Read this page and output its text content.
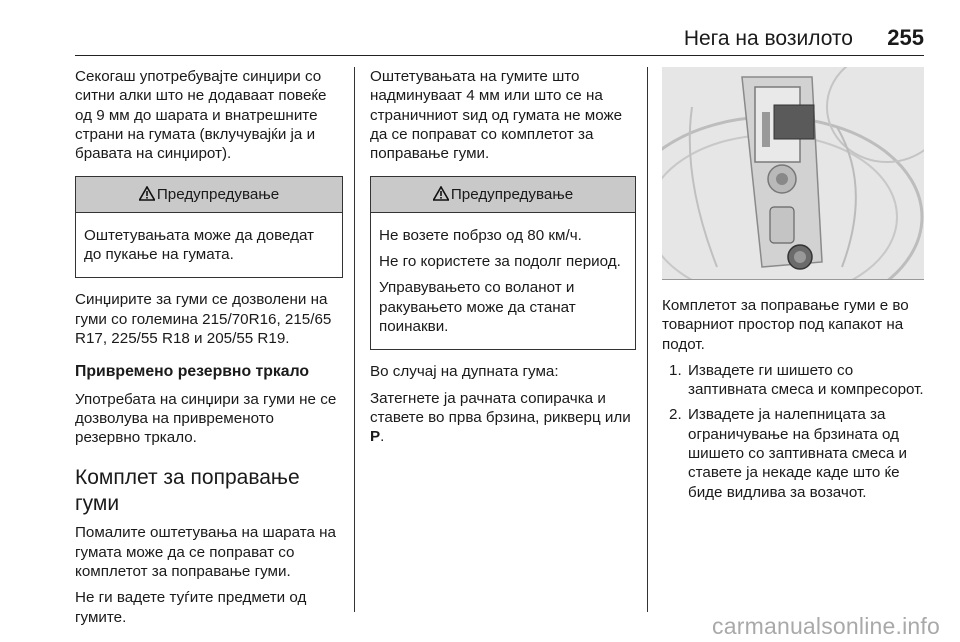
Нега на возилото 255

Секогаш употребувајте синџири со ситни алки што не додаваат повеќе од 9 мм до шарата и внатрешните страни на гумата (вклучувајќи ја и бравата на синџирот).

Предупредување

Оштетувањата може да доведат до пукање на гумата.

Синџирите за гуми се дозволени на гуми со големина 215/70R16, 215/65 R17, 225/55 R18 и 205/55 R19.

Привремено резервно тркало

Употребата на синџири за гуми не се дозволува на привременото резервно тркало.

Комплет за поправање гуми

Помалите оштетувања на шарата на гумата може да се поправат со комплетот за поправање гуми.

Не ги вадете туѓите предмети од гумите.

Оштетувањата на гумите што надминуваат 4 мм или што се на страничниот ѕид од гумата не може да се поправат со комплетот за поправање гуми.

Предупредување

Не возете побрзо од 80 км/ч.

Не го користете за подолг период.

Управувањето со воланот и ракувањето може да станат поинакви.

Во случај на дупната гума:

Затегнете ја рачната сопирачка и ставете во прва брзина, рикверц или P.

Комплетот за поправање гуми е во товарниот простор под капакот на подот.

1. Извадете ги шишето со заптивната смеса и компресорот.
2. Извадете ја налепницата за ограничување на брзината од шишето со заптивната смеса и ставете ја некаде каде што ќе биде видлива за возачот.
carmanualsonline.info
